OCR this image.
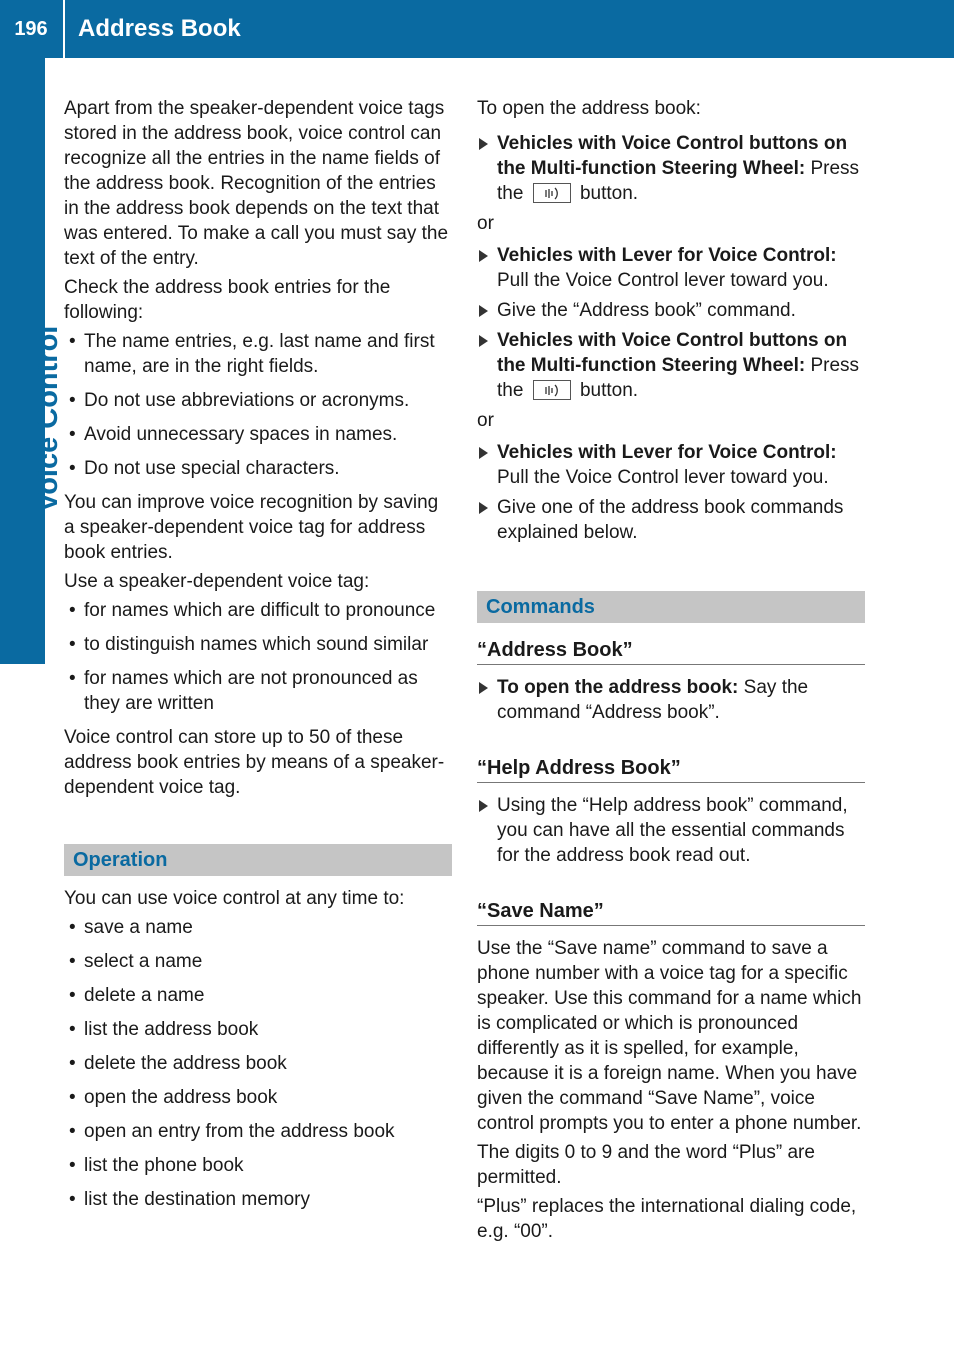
196	Address Book
Voice Control

Apart from the speaker-dependent voice tags stored in the address book, voice control can recognize all the entries in the name fields of the address book. Recognition of the entries in the address book depends on the text that was entered. To make a call you must say the text of the entry.

Check the address book entries for the following:

• The name entries, e.g. last name and first name, are in the right fields.
• Do not use abbreviations or acronyms.
• Avoid unnecessary spaces in names.
• Do not use special characters.

You can improve voice recognition by saving a speaker-dependent voice tag for address book entries.

Use a speaker-dependent voice tag:

• for names which are difficult to pronounce
• to distinguish names which sound similar
• for names which are not pronounced as they are written

Voice control can store up to 50 of these address book entries by means of a speaker-dependent voice tag.

Operation

You can use voice control at any time to:

• save a name
• select a name
• delete a name
• list the address book
• delete the address book
• open the address book
• open an entry from the address book
• list the phone book
• list the destination memory

To open the address book:

Vehicles with Voice Control buttons on the Multi-function Steering Wheel: Press the	button.
or
Vehicles with Lever for Voice Control: Pull the Voice Control lever toward you.
Give the “Address book” command.
Vehicles with Voice Control buttons on the Multi-function Steering Wheel: Press the	button.
or
Vehicles with Lever for Voice Control: Pull the Voice Control lever toward you.
Give one of the address book commands explained below.
Commands
“Address Book”
To open the address book: Say the command “Address book”.
“Help Address Book”
Using the “Help address book” command, you can have all the essential commands for the address book read out.
“Save Name”

Use the “Save name” command to save a phone number with a voice tag for a specific speaker. Use this command for a name which is complicated or which is pronounced differently as it is spelled, for example, because it is a foreign name. When you have given the command “Save Name”, voice control prompts you to enter a phone number.

The digits 0 to 9 and the word “Plus” are permitted.

“Plus” replaces the international dialing code, e.g. “00”.
